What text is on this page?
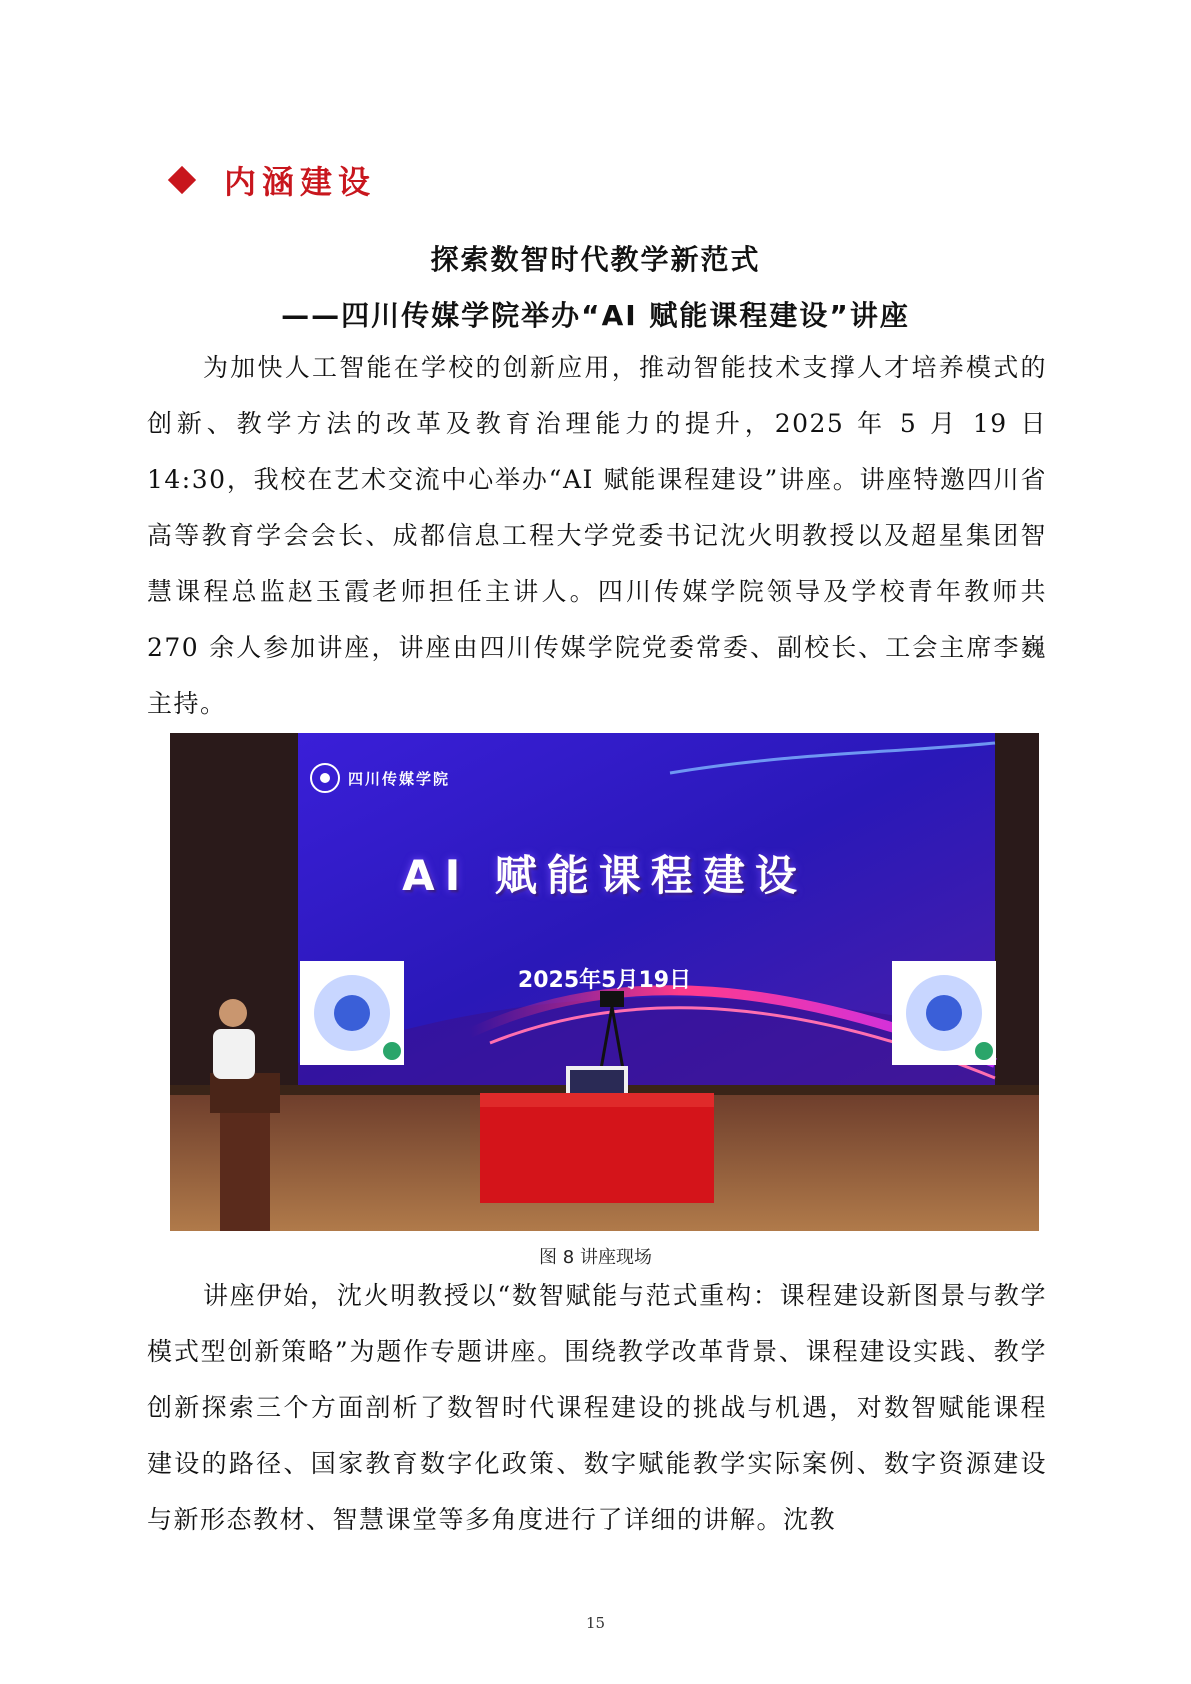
内涵建设
探索数智时代教学新范式
——四川传媒学院举办“AI 赋能课程建设”讲座
为加快人工智能在学校的创新应用，推动智能技术支撑人才培养模式的创新、教学方法的改革及教育治理能力的提升，2025 年 5 月 19 日14:30，我校在艺术交流中心举办“AI 赋能课程建设”讲座。讲座特邀四川省高等教育学会会长、成都信息工程大学党委书记沈火明教授以及超星集团智慧课程总监赵玉霞老师担任主讲人。四川传媒学院领导及学校青年教师共 270 余人参加讲座，讲座由四川传媒学院党委常委、副校长、工会主席李巍主持。
四川传媒学院
AI 赋能课程建设
2025年5月19日
图 8 讲座现场
讲座伊始，沈火明教授以“数智赋能与范式重构：课程建设新图景与教学模式型创新策略”为题作专题讲座。围绕教学改革背景、课程建设实践、教学创新探索三个方面剖析了数智时代课程建设的挑战与机遇，对数智赋能课程建设的路径、国家教育数字化政策、数字赋能教学实际案例、数字资源建设与新形态教材、智慧课堂等多角度进行了详细的讲解。沈教
15
